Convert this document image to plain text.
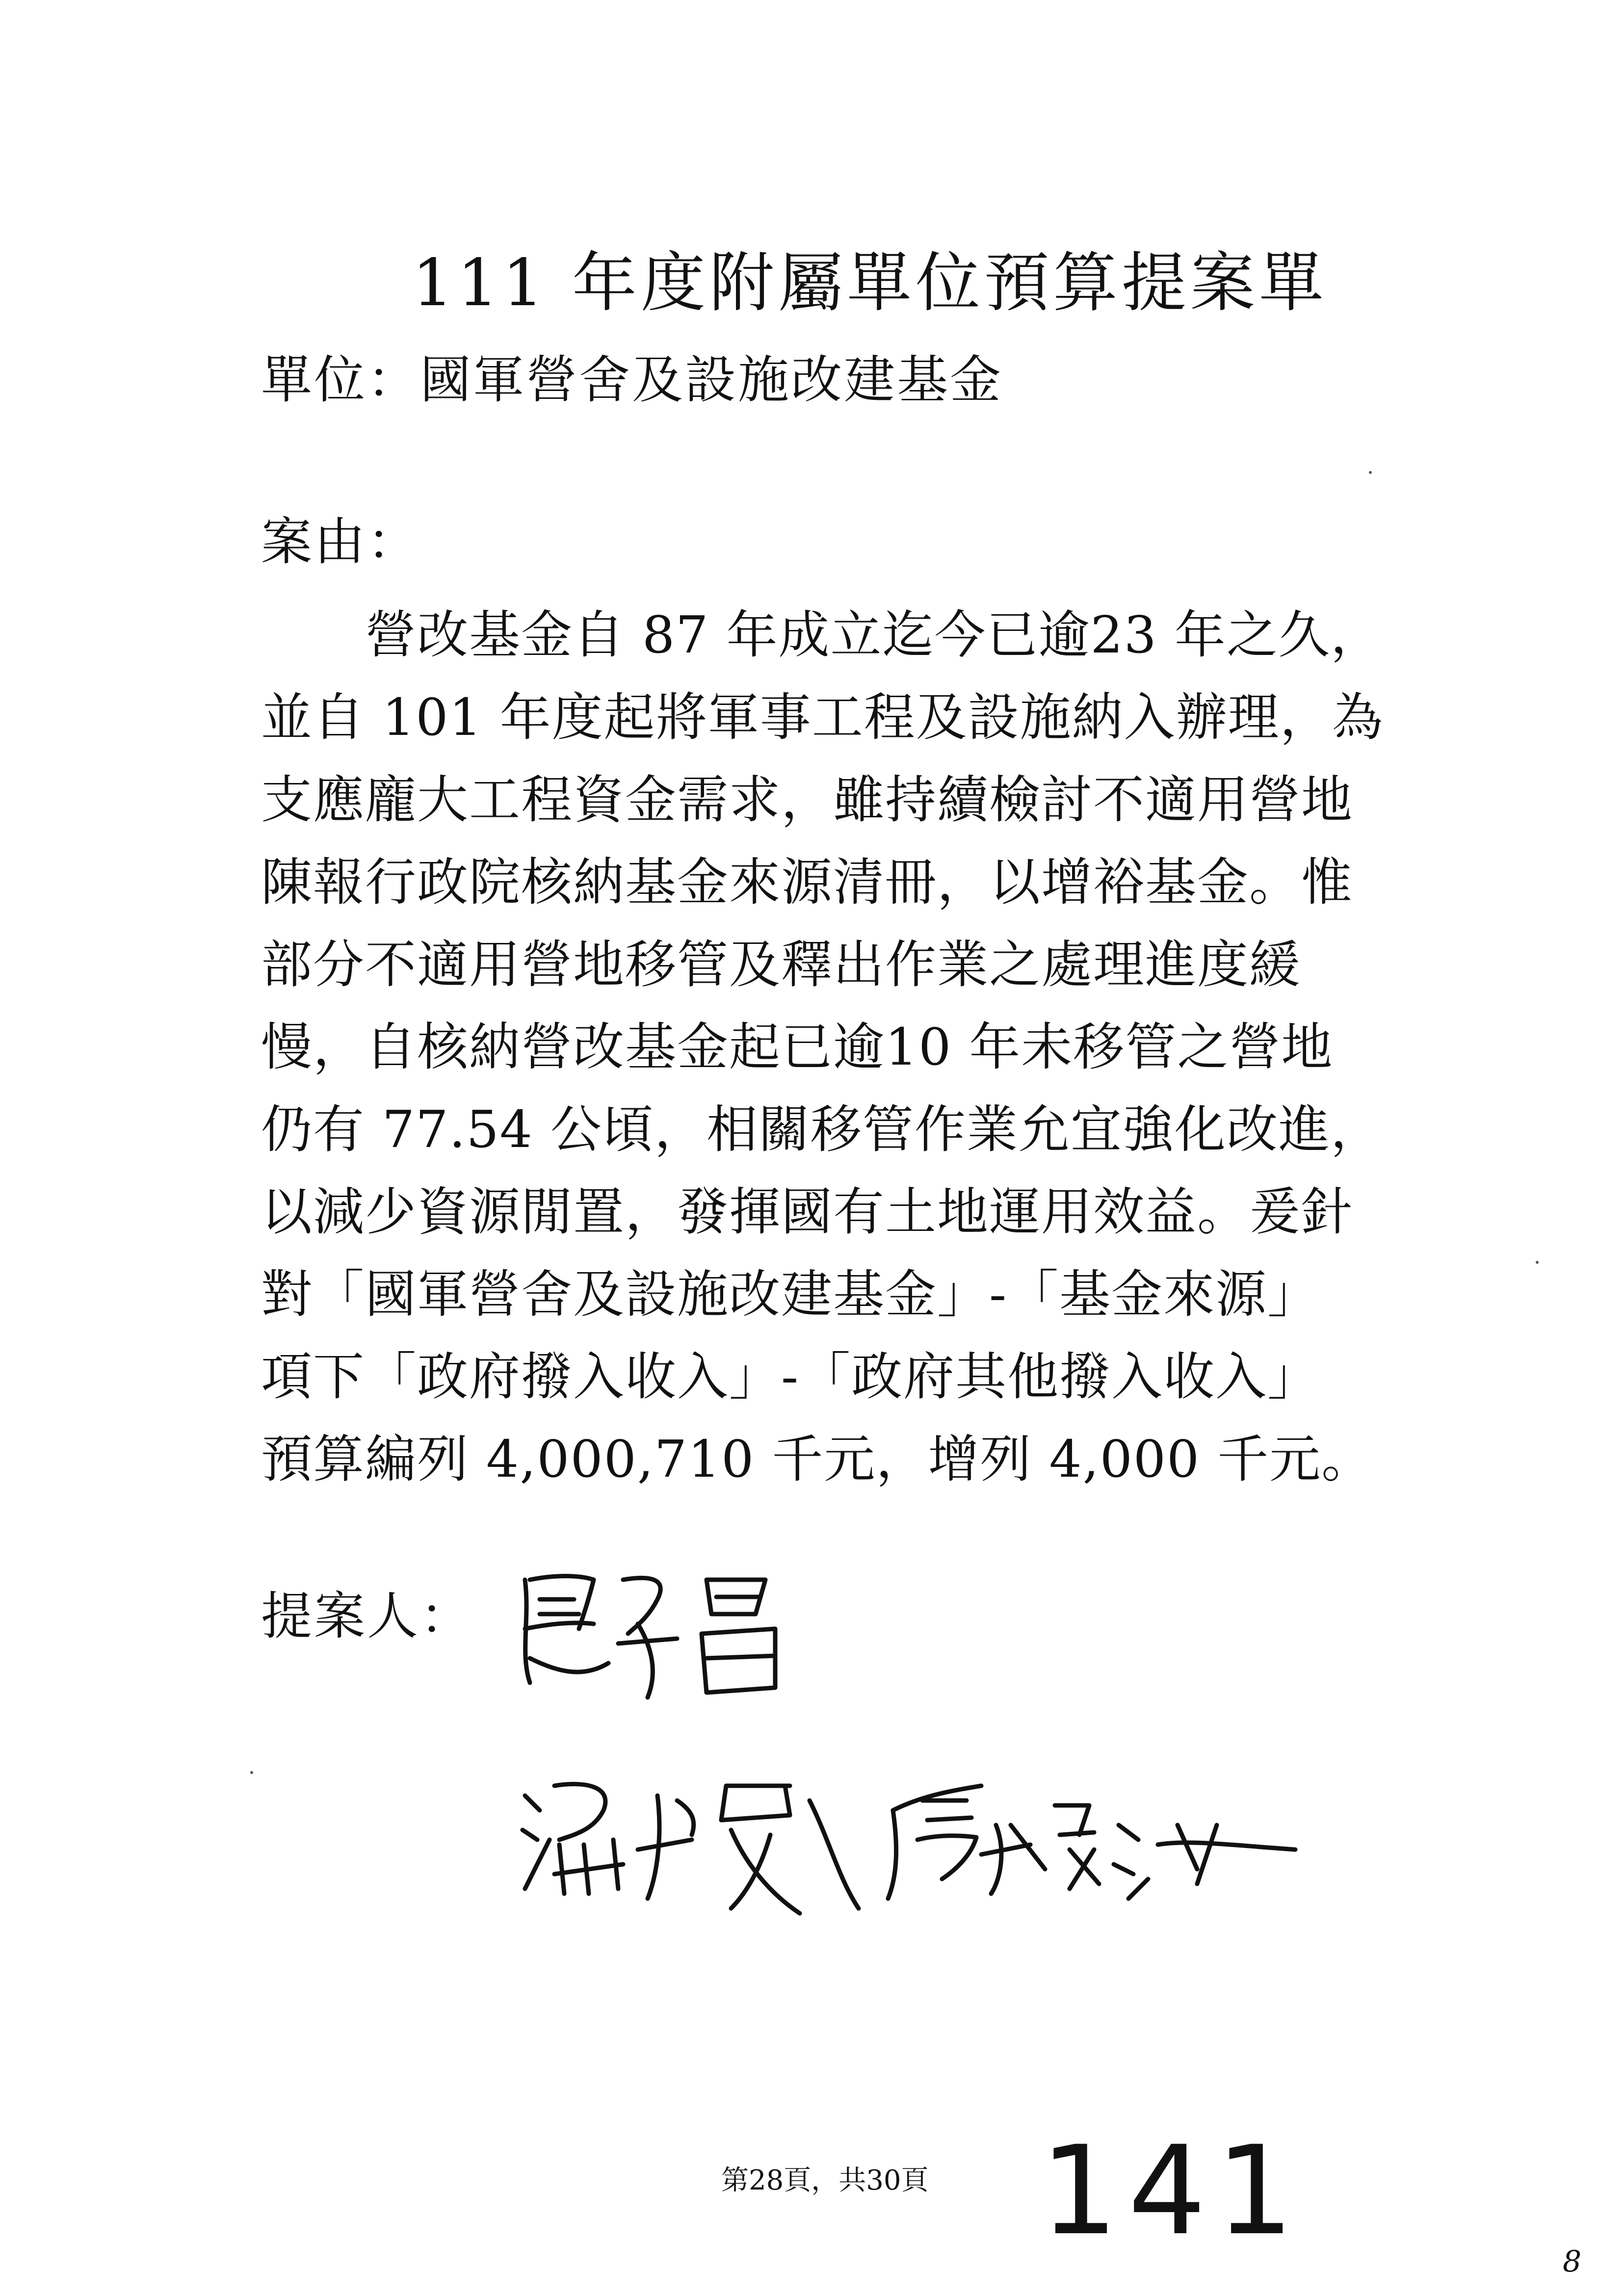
111 年度附屬單位預算提案單
單位：國軍營舍及設施改建基金
案由：
　　營改基金自 87 年成立迄今已逾23 年之久，
並自 101 年度起將軍事工程及設施納入辦理，為
支應龐大工程資金需求，雖持續檢討不適用營地
陳報行政院核納基金來源清冊，以增裕基金。惟
部分不適用營地移管及釋出作業之處理進度緩
慢，自核納營改基金起已逾10 年未移管之營地
仍有 77.54 公頃，相關移管作業允宜強化改進，
以減少資源閒置，發揮國有土地運用效益。爰針
對「國軍營舍及設施改建基金」-「基金來源」
項下「政府撥入收入」-「政府其他撥入收入」
預算編列 4,000,710 千元，增列 4,000 千元。
提案人：
第28頁，共30頁 141	8
